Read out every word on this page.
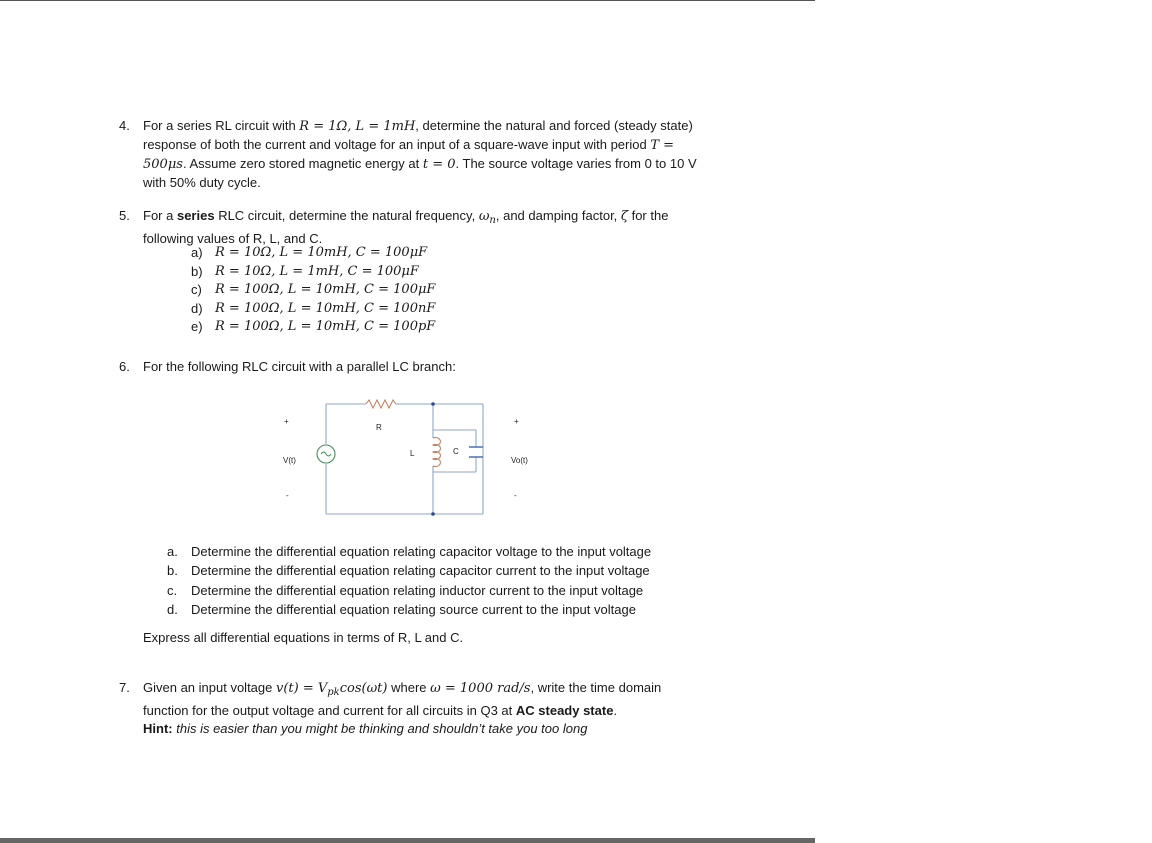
4. For a series RL circuit with R = 1Ω, L = 1mH, determine the natural and forced (steady state)
response of both the current and voltage for an input of a square-wave input with period T =
500μs. Assume zero stored magnetic energy at t = 0. The source voltage varies from 0 to 10 V
with 50% duty cycle.
5. For a series RLC circuit, determine the natural frequency, $\omega_n$, and damping factor, ζ for the
following values of R, L, and C.
a) R = 10Ω, L = 10mH, C = 100μF
b) R = 10Ω, L = 1mH, C = 100μF
c)	R = 100Ω, L = 10mH, C = 100μF
d) R = 100Ω, L = 10mH, C = 100nF
e) R = 100Ω, L = 10mH, C = 100pF
6. For the following RLC circuit with a parallel LC branch:
+
-
V(t)
R
L	C
+
-
Vo(t)
a.	Determine the differential equation relating capacitor voltage to the input voltage
b.	Determine the differential equation relating capacitor current to the input voltage
c.	Determine the differential equation relating inductor current to the input voltage
d.	Determine the differential equation relating source current to the input voltage
Express all differential equations in terms of R, L and C.
7. Given an input voltage $v(t) = V_{pk}\cos(\omega t)$ where ω = 1000 rad/s, write the time domain
function for the output voltage and current for all circuits in Q3 at AC steady state.
Hint: this is easier than you might be thinking and shouldn’t take you too long
